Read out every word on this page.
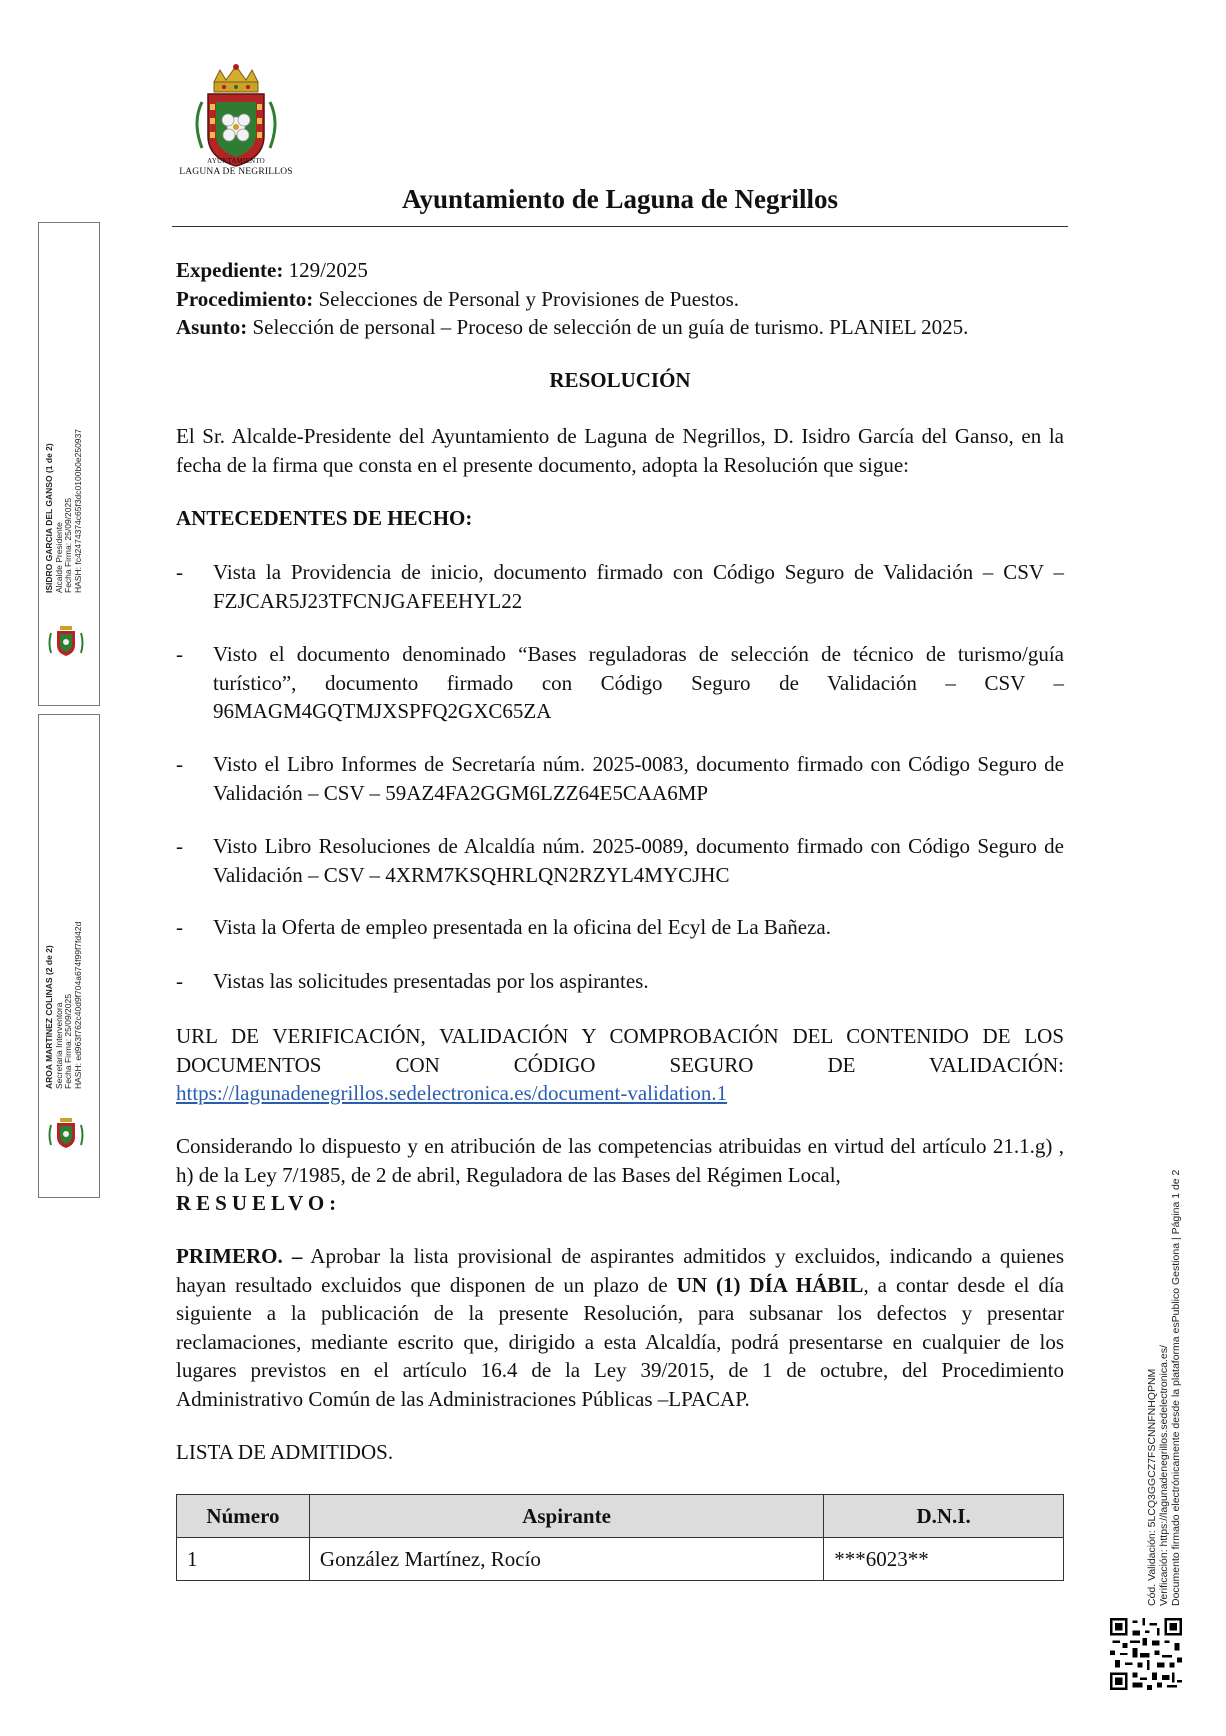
AYUNTAMIENTO
LAGUNA DE NEGRILLOS
Ayuntamiento de Laguna de Negrillos
Expediente: 129/2025
Procedimiento: Selecciones de Personal y Provisiones de Puestos.
Asunto: Selección de personal – Proceso de selección de un guía de turismo. PLANIEL 2025.
RESOLUCIÓN
El Sr. Alcalde-Presidente del Ayuntamiento de Laguna de Negrillos, D. Isidro García del Ganso, en la fecha de la firma que consta en el presente documento, adopta la Resolución que sigue:
ANTECEDENTES DE HECHO:
- Vista la Providencia de inicio, documento firmado con Código Seguro de Validación – CSV – FZJCAR5J23TFCNJGAFEEHYL22
- Visto el documento denominado “Bases reguladoras de selección de técnico de turismo/guía turístico”, documento firmado con Código Seguro de Validación – CSV – 96MAGM4GQTMJXSPFQ2GXC65ZA
- Visto el Libro Informes de Secretaría núm. 2025-0083, documento firmado con Código Seguro de Validación – CSV – 59AZ4FA2GGM6LZZ64E5CAA6MP
- Visto Libro Resoluciones de Alcaldía núm. 2025-0089, documento firmado con Código Seguro de Validación – CSV – 4XRM7KSQHRLQN2RZYL4MYCJHC
- Vista la Oferta de empleo presentada en la oficina del Ecyl de La Bañeza.
- Vistas las solicitudes presentadas por los aspirantes.
URL DE VERIFICACIÓN, VALIDACIÓN Y COMPROBACIÓN DEL CONTENIDO DE LOS DOCUMENTOS CON CÓDIGO SEGURO DE VALIDACIÓN:
https://lagunadenegrillos.sedelectronica.es/document-validation.1
Considerando lo dispuesto y en atribución de las competencias atribuidas en virtud del artículo 21.1.g) , h) de la Ley 7/1985, de 2 de abril, Reguladora de las Bases del Régimen Local,
RESUELVO:
PRIMERO. – Aprobar la lista provisional de aspirantes admitidos y excluidos, indicando a quienes hayan resultado excluidos que disponen de un plazo de UN (1) DÍA HÁBIL, a contar desde el día siguiente a la publicación de la presente Resolución, para subsanar los defectos y presentar reclamaciones, mediante escrito que, dirigido a esta Alcaldía, podrá presentarse en cualquier de los lugares previstos en el artículo 16.4 de la Ley 39/2015, de 1 de octubre, del Procedimiento Administrativo Común de las Administraciones Públicas –LPACAP.
LISTA DE ADMITIDOS.
Número	Aspirante	D.N.I.
1	González Martínez, Rocío	***6023**
ISIDRO GARCIA DEL GANSO (1 de 2) Alcalde Presidente Fecha Firma: 25/09/2025 HASH: fc42474374c65f3dc0100b0e250937
AROA MARTINEZ COLINAS (2 de 2) Secretaria Interventora Fecha Firma: 25/09/2025 HASH: ed963f762c40d9f704a674f99f7fd42d
Cód. Validación: 5LCQ3GGCZ7FSCNNFNHQPNM Verificación: https://lagunadenegrillos.sedelectronica.es/ Documento firmado electrónicamente desde la plataforma esPublico Gestiona | Página 1 de 2
